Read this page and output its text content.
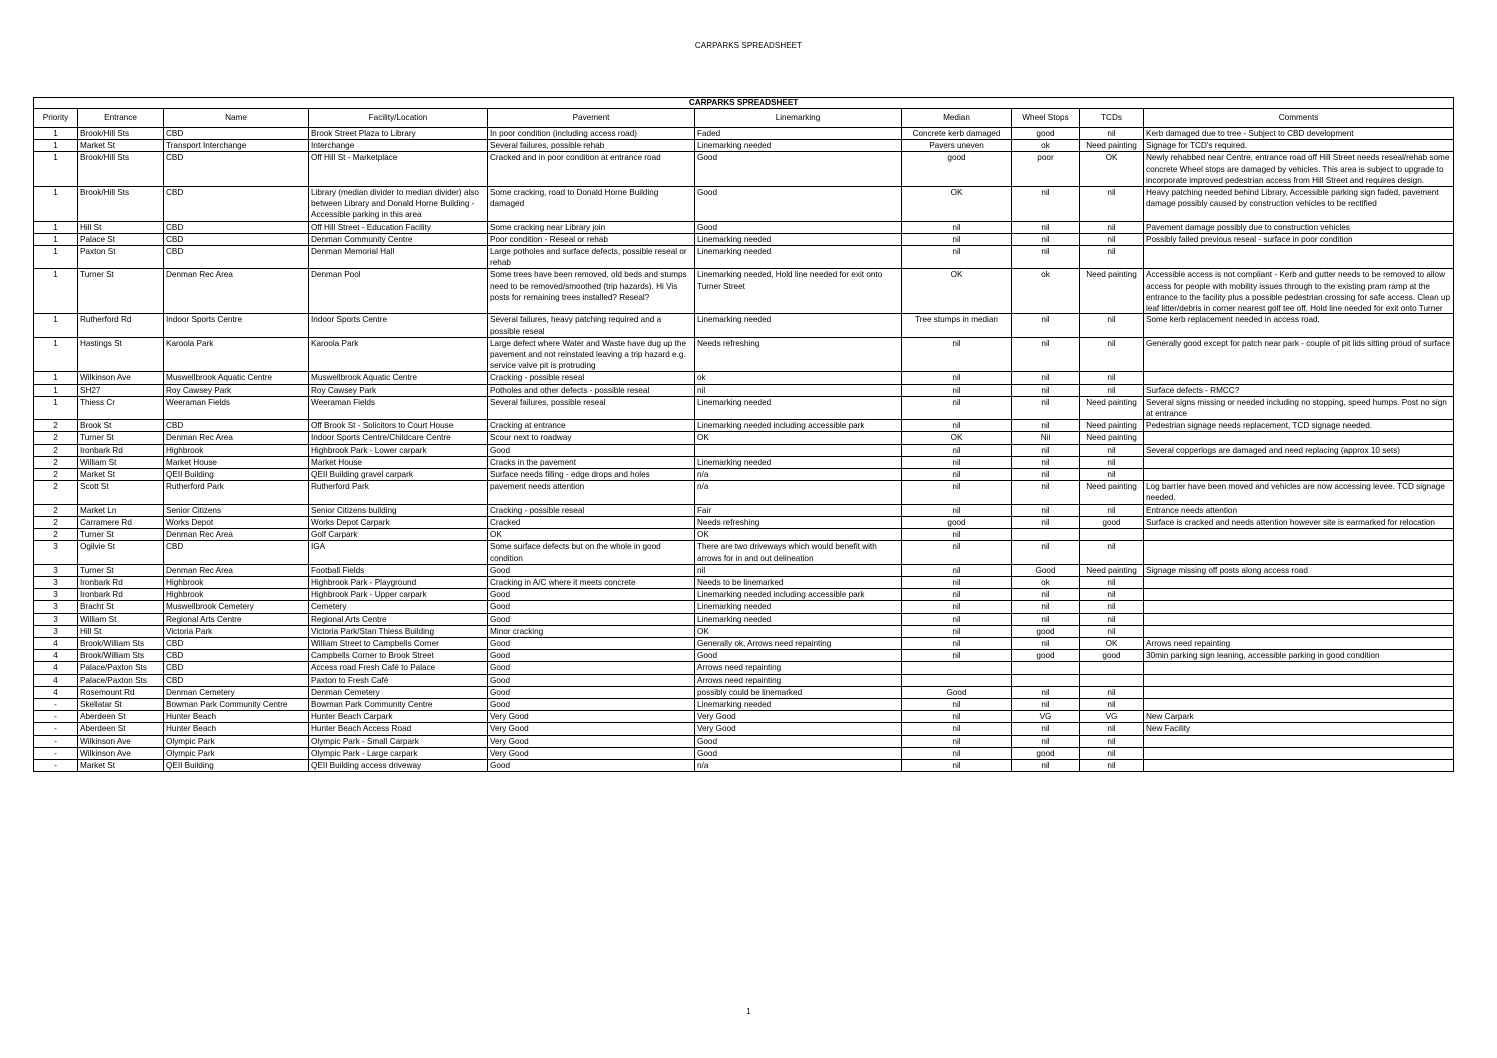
CARPARKS SPREADSHEET
CARPARKS SPREADSHEET									
Priority	Entrance	Name	Facility/Location	Pavement	Linemarking	Median	Wheel Stops	TCDs	Comments

1	Brook/Hill Sts	CBD	Brook Street Plaza to Library	In poor condition (including access road)	Faded	Concrete kerb damaged	good	nil	Kerb damaged due to tree - Subject to CBD development

1	Market St	Transport Interchange	Interchange	Several failures, possible rehab	Linemarking needed	Pavers uneven	ok	Need painting	Signage for TCD's required.

1	Brook/Hill Sts	CBD	Off Hill St - Marketplace	Cracked and in poor condition at entrance road	Good	good	poor	OK	Newly rehabbed near Centre, entrance road off Hill Street needs reseal/rehab some concrete Wheel stops are damaged by vehicles. This area is subject to upgrade to incorporate improved pedestrian access from Hill Street and requires design.

1	Brook/Hill Sts	CBD	Library (median divider to median divider) also between Library and Donald Horne Building - Accessible parking in this area	Some cracking, road to Donald Horne Building damaged	Good	OK	nil	nil	Heavy patching needed behind Library, Accessible parking sign faded, pavement damage possibly caused by construction vehicles to be rectified

1	Hill St	CBD	Off Hill Street - Education Facility	Some cracking near Library join	Good	nil	nil	nil	Pavement damage possibly due to construction vehicles

1	Palace St	CBD	Denman Community Centre	Poor condition - Reseal or rehab	Linemarking needed	nil	nil	nil	Possibly failed previous reseal - surface in poor condition

1	Paxton St	CBD	Denman Memorial Hall	Large potholes and surface defects, possible reseal or rehab	Linemarking needed	nil	nil	nil	

1	Turner St	Denman Rec Area	Denman Pool	Some trees have been removed, old beds and stumps need to be removed/smoothed (trip hazards). Hi Vis posts for remaining trees installed? Reseal?	Linemarking needed, Hold line needed for exit onto Turner Street	OK	ok	Need painting	Accessible access is not compliant - Kerb and gutter needs to be removed to allow access for people with mobility issues through to the existing pram ramp at the entrance to the facility plus a possible pedestrian crossing for safe access. Clean up leaf litter/debris in corner nearest golf tee off. Hold line needed for exit onto Turner

1	Rutherford Rd	Indoor Sports Centre	Indoor Sports Centre	Several failures, heavy patching required and a possible reseal	Linemarking needed	Tree stumps in median	nil	nil	Some kerb replacement needed in access road.

1	Hastings St	Karoola Park	Karoola Park	Large defect where Water and Waste have dug up the pavement and not reinstated leaving a trip hazard e.g. service valve pit is protruding	Needs refreshing	nil	nil	nil	Generally good except for patch near park - couple of pit lids sitting proud of surface

1	Wilkinson Ave	Muswellbrook Aquatic Centre	Muswellbrook Aquatic Centre	Cracking - possible reseal	ok	nil	nil	nil	

1	SH27	Roy Cawsey Park	Roy Cawsey Park	Potholes and other defects - possible reseal	nil	nil	nil	nil	Surface defects - RMCC?

1	Thiess Cr	Weeraman Fields	Weeraman Fields	Several failures, possible reseal	Linemarking needed	nil	nil	Need painting	Several signs missing or needed including no stopping, speed humps. Post no sign at entrance

2	Brook St	CBD	Off Brook St - Solicitors to Court House	Cracking at entrance	Linemarking needed including accessible park	nil	nil	Need painting	Pedestrian signage needs replacement, TCD signage needed.

2	Turner St	Denman Rec Area	Indoor Sports Centre/Childcare Centre	Scour next to roadway	OK	OK	Nil	Need painting	

2	Ironbark Rd	Highbrook	Highbrook Park - Lower carpark	Good		nil	nil	nil	Several copperlogs are damaged and need replacing (approx 10 sets)

2	William St	Market House	Market House	Cracks in the pavement	Linemarking needed	nil	nil	nil	

2	Market St	QEII Building	QEII Building gravel carpark	Surface needs filling - edge drops and holes	n/a	nil	nil	nil	

2	Scott St	Rutherford Park	Rutherford Park	pavement needs attention	n/a	nil	nil	Need painting	Log barrier have been moved and vehicles are now accessing levee. TCD signage needed.

2	Market Ln	Senior Citizens	Senior Citizens building	Cracking - possible reseal	Fair	nil	nil	nil	Entrance needs attention

2	Carramere Rd	Works Depot	Works Depot Carpark	Cracked	Needs refreshing	good	nil	good	Surface is cracked and needs attention however site is earmarked for relocation

2	Turner St	Denman Rec Area	Golf Carpark	OK	OK	nil			

3	Ogilvie St	CBD	IGA	Some surface defects but on the whole in good condition	There are two driveways which would benefit with arrows for in and out delineation	nil	nil	nil	

3	Turner St	Denman Rec Area	Football Fields	Good	nil	nil	Good	Need painting	Signage missing off posts along access road

3	Ironbark Rd	Highbrook	Highbrook Park - Playground	Cracking in A/C where it meets concrete	Needs to be linemarked	nil	ok	nil	

3	Ironbark Rd	Highbrook	Highbrook Park - Upper carpark	Good	Linemarking needed including accessible park	nil	nil	nil	

3	Bracht St	Muswellbrook Cemetery	Cemetery	Good	Linemarking needed	nil	nil	nil	

3	William St	Regional Arts Centre	Regional Arts Centre	Good	Linemarking needed	nil	nil	nil	

3	Hill St	Victoria Park	Victoria Park/Stan Thiess Building	Minor cracking	OK	nil	good	nil	

4	Brook/William Sts	CBD	William Street to Campbells Corner	Good	Generally ok, Arrows need repainting	nil	nil	OK	Arrows need repainting

4	Brook/William Sts	CBD	Campbells Corner to Brook Street	Good	Good	nil	good	good	30min parking sign leaning, accessible parking in good condition

4	Palace/Paxton Sts	CBD	Access road Fresh Café to Palace	Good	Arrows need repainting				

4	Palace/Paxton Sts	CBD	Paxton to Fresh Café	Good	Arrows need repainting				

4	Rosemount Rd	Denman Cemetery	Denman Cemetery	Good	possibly could be linemarked	Good	nil	nil	

-	Skellatar St	Bowman Park Community Centre	Bowman Park Community Centre	Good	Linemarking needed	nil	nil	nil	

-	Aberdeen St	Hunter Beach	Hunter Beach Carpark	Very Good	Very Good	nil	VG	VG	New Carpark

-	Aberdeen St	Hunter Beach	Hunter Beach Access Road	Very Good	Very Good	nil	nil	nil	New Facility

-	Wilkinson Ave	Olympic Park	Olympic Park - Small Carpark	Very Good	Good	nil	nil	nil	

-	Wilkinson Ave	Olympic Park	Olympic Park - Large carpark	Very Good	Good	nil	good	nil	

-	Market St	QEII Building	QEII Building access driveway	Good	n/a	nil	nil	nil	

1
